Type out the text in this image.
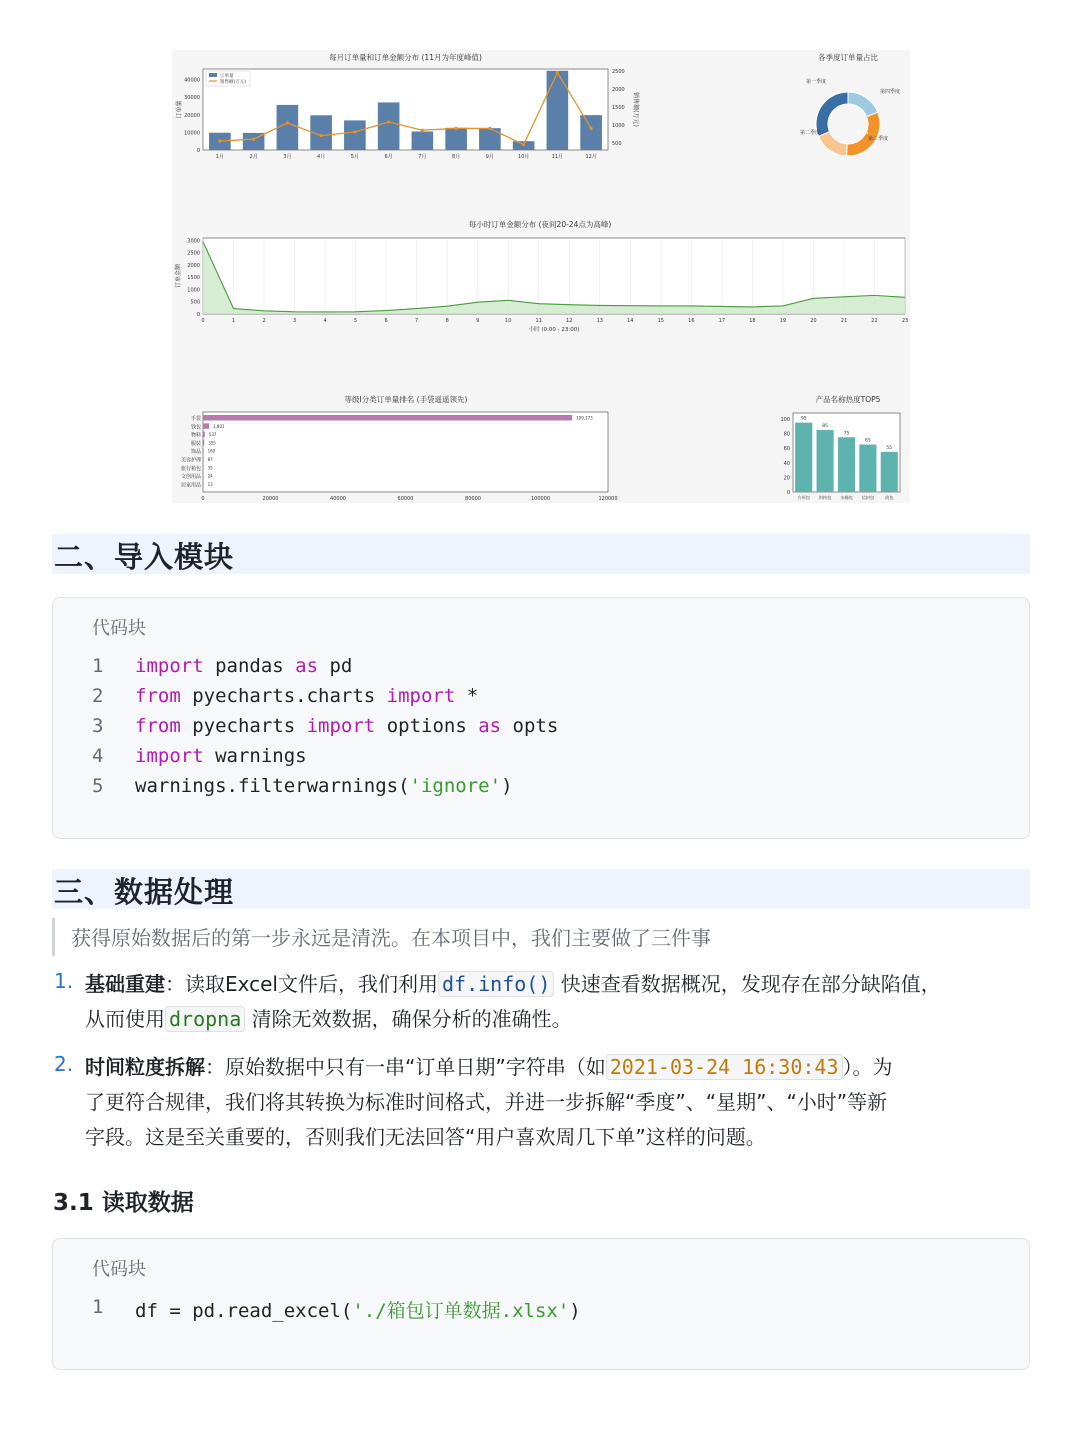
每月订单量和订单金额分布 (11月为年度峰值)
1月	2月	3月	4月	5月	6月	7月	8月	9月	10月	11月	12月
0
10000
20000
30000
40000
500
1000
1500
2000
2500
订单量	销售额(万元)
订单量
销售额(万元)
各季度订单量占比
第一季度
第四季度
第三季度
第二季度	31.7%
每小时订单金额分布 (夜间20-24点为高峰)
0	1	2	3	4	5	6	7	8	9	10	11	12	13	14	15	16	17	18	19	20	21	22	23
0
500
1000
1500
2000
2500
3000
小时 (0:00 - 23:00)
订单金额
等级I分类订单量排名 (手袋遥遥领先)
手袋	109,373
钱包	1,801
物料 537
服装 355
饰品 160
美容护理 87
旅行箱包 35
文创用品 24
居家用品 13
0	20000	40000	60000	80000	100000	120000
产品名称热度TOP5
95
方形包
85
斜挎包
75
水桶包
65
信封包
55
筒包
0
20
40
60
80
100
二、导入模块
代码块
1	import pandas as pd
2	from pyecharts.charts import *
3	from pyecharts import options as opts
4	import warnings
5	warnings.filterwarnings('ignore')
三、数据处理
获得原始数据后的第一步永远是清洗。在本项目中，我们主要做了三件事
1. 基础重建：读取Excel文件后，我们利用 df.info() 快速查看数据概况，发现存在部分缺陷值，
从而使用 dropna 清除无效数据，确保分析的准确性。
2. 时间粒度拆解：原始数据中只有一串“订单日期”字符串（如 2021-03-24 16:30:43 ）。为
了更符合规律，我们将其转换为标准时间格式，并进一步拆解“季度”、“星期”、“小时”等新
字段。这是至关重要的，否则我们无法回答“用户喜欢周几下单”这样的问题。
3.1 读取数据
代码块
1	df = pd.read_excel('./箱包订单数据.xlsx')
